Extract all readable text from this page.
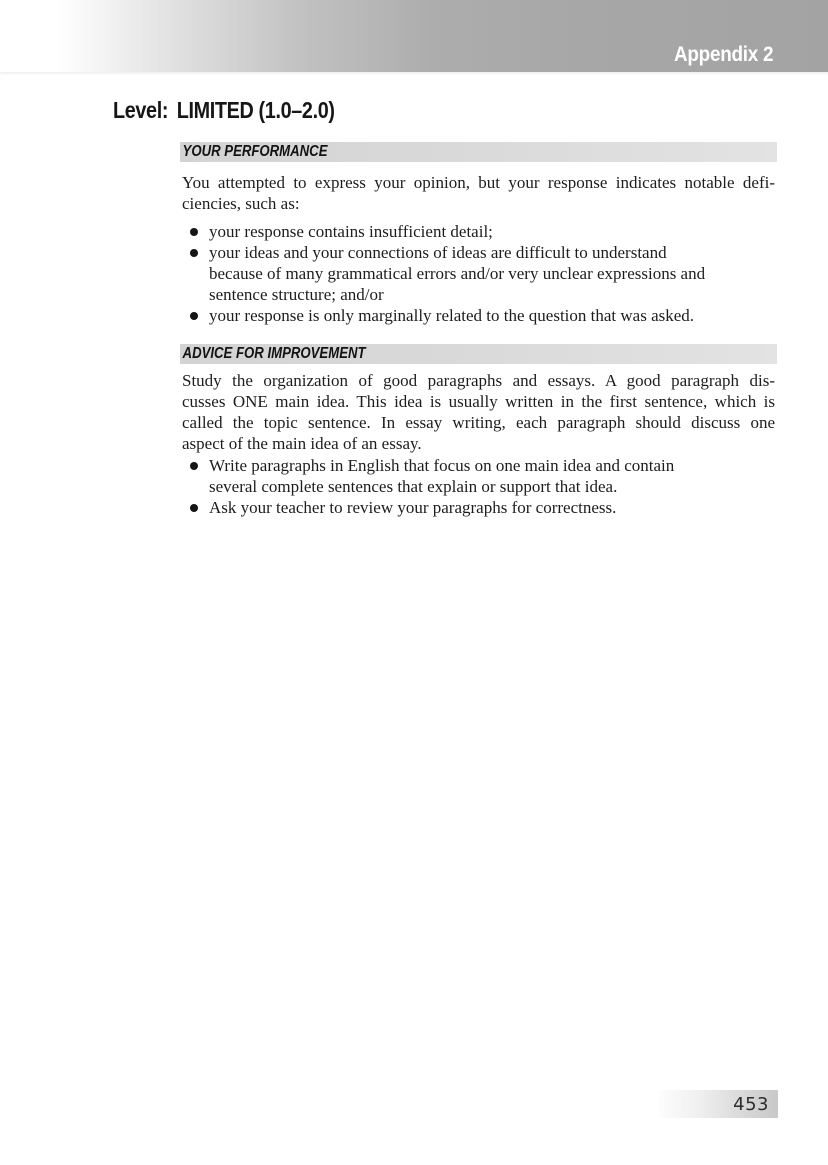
Appendix 2
Level: LIMITED (1.0–2.0)
YOUR PERFORMANCE
You attempted to express your opinion, but your response indicates notable defi-
ciencies, such as:
your response contains insufficient detail;
your ideas and your connections of ideas are difficult to understand
because of many grammatical errors and/or very unclear expressions and
sentence structure; and/or
your response is only marginally related to the question that was asked.
ADVICE FOR IMPROVEMENT
Study the organization of good paragraphs and essays. A good paragraph dis-
cusses ONE main idea. This idea is usually written in the first sentence, which is
called the topic sentence. In essay writing, each paragraph should discuss one
aspect of the main idea of an essay.
Write paragraphs in English that focus on one main idea and contain
several complete sentences that explain or support that idea.
Ask your teacher to review your paragraphs for correctness.
453
